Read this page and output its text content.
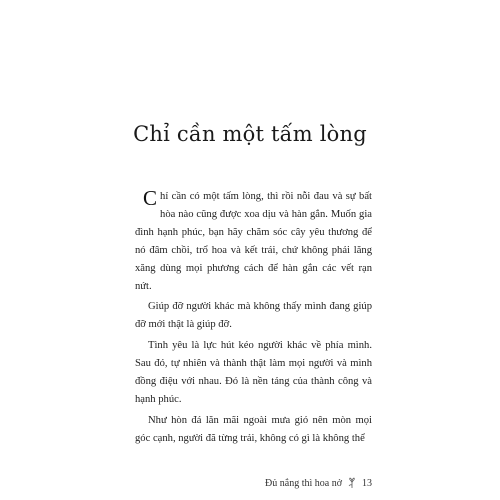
Chỉ cần một tấm lòng

Chỉ cần có một tấm lòng, thì rồi nỗi đau và sự bất hòa nào cũng được xoa dịu và hàn gắn. Muốn gia đình hạnh phúc, bạn hãy chăm sóc cây yêu thương để nó đâm chồi, trổ hoa và kết trái, chứ không phải lăng xăng dùng mọi phương cách để hàn gắn các vết rạn nứt.

Giúp đỡ người khác mà không thấy mình đang giúp đỡ mới thật là giúp đỡ.

Tình yêu là lực hút kéo người khác về phía mình. Sau đó, tự nhiên và thành thật làm mọi người và mình đồng điệu với nhau. Đó là nền tảng của thành công và hạnh phúc.

Như hòn đá lăn mãi ngoài mưa gió nên mòn mọi góc cạnh, người đã từng trải, không có gì là không thể

Đủ nắng thì hoa nở 13
